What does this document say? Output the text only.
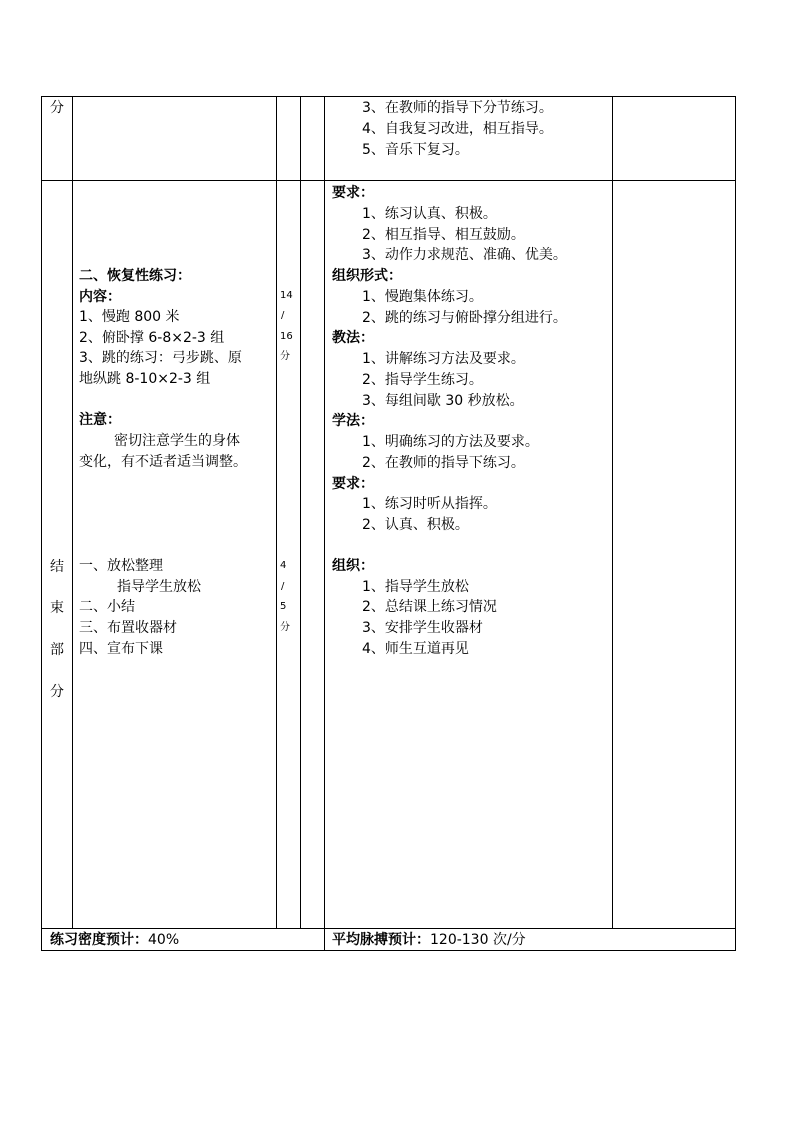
分	3、在教师的指导下分节练习。
4、自我复习改进，相互指导。
5、音乐下复习。
二、恢复性练习：
内容：
1、慢跑 800 米
2、俯卧撑 6-8×2-3 组
3、跳的练习：弓步跳、原
地纵跳 8-10×2-3 组
注意：
密切注意学生的身体
变化，有不适者适当调整。
14
/
16
分
要求：
1、练习认真、积极。
2、相互指导、相互鼓励。
3、动作力求规范、准确、优美。
组织形式：
1、慢跑集体练习。
2、跳的练习与俯卧撑分组进行。
教法：
1、讲解练习方法及要求。
2、指导学生练习。
3、每组间歇 30 秒放松。
学法：
1、明确练习的方法及要求。
2、在教师的指导下练习。
要求：
1、练习时听从指挥。
2、认真、积极。
结
束
部
分
一、放松整理
指导学生放松
二、小结
三、布置收器材
四、宣布下课
4
/
5
分
组织：
1、指导学生放松
2、总结课上练习情况
3、安排学生收器材
4、师生互道再见
练习密度预计：40%	平均脉搏预计：120-130 次/分
